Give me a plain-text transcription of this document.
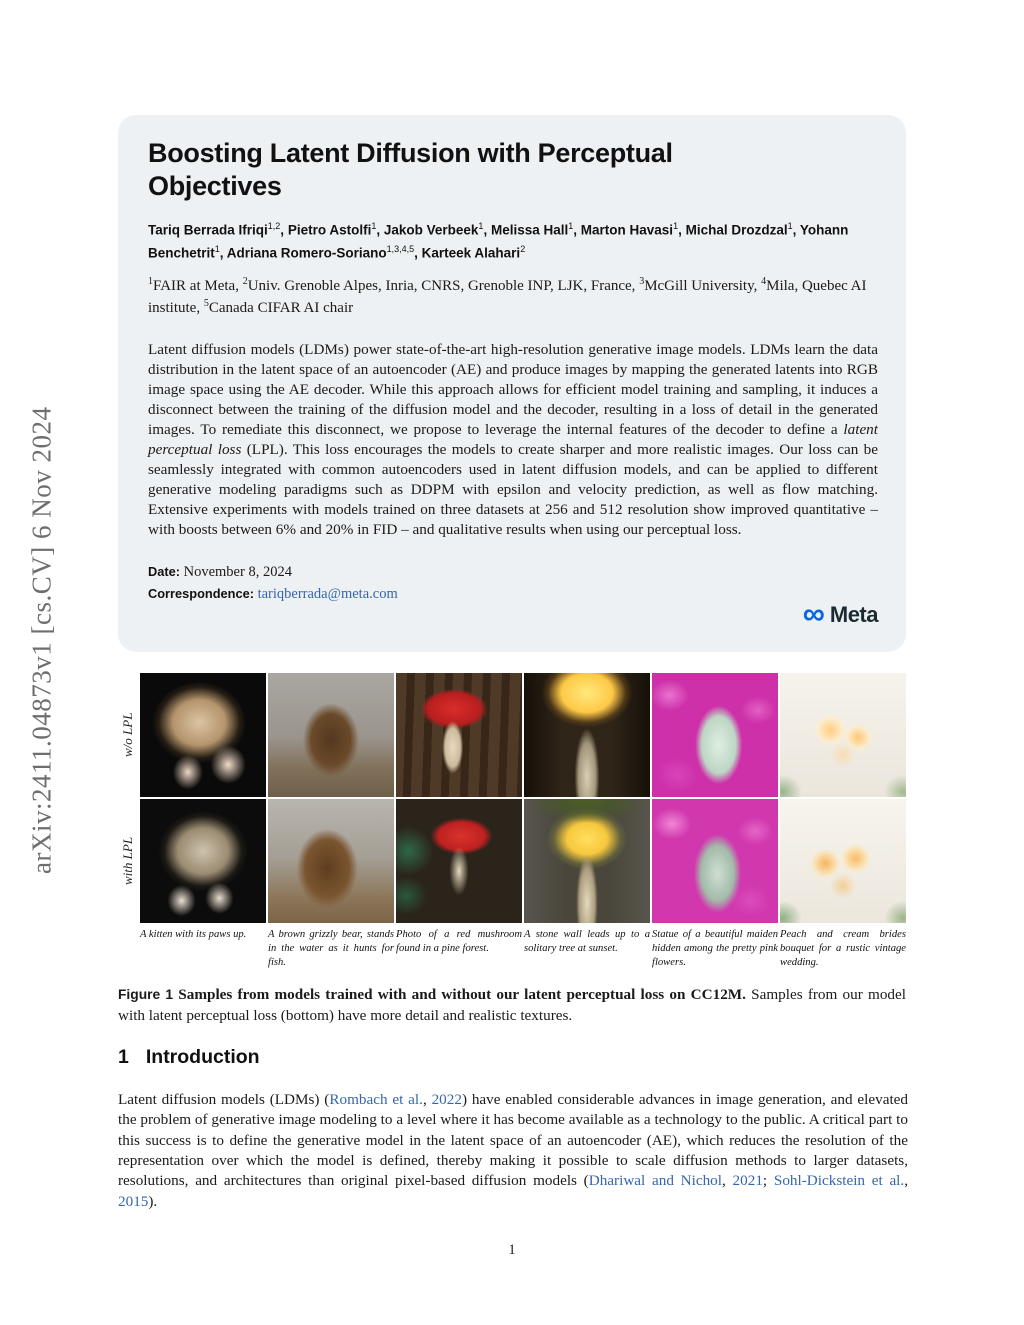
arXiv:2411.04873v1 [cs.CV] 6 Nov 2024
Boosting Latent Diffusion with Perceptual Objectives
Tariq Berrada Ifriqi$^{1,2}$, Pietro Astolfi$^1$, Jakob Verbeek$^1$, Melissa Hall$^1$, Marton Havasi$^1$, Michal Drozdzal$^1$, Yohann Benchetrit$^1$, Adriana Romero-Soriano$^{1,3,4,5}$, Karteek Alahari$^2$
$^1$FAIR at Meta, $^2$Univ. Grenoble Alpes, Inria, CNRS, Grenoble INP, LJK, France, $^3$McGill University, $^4$Mila, Quebec AI institute, $^5$Canada CIFAR AI chair
Latent diffusion models (LDMs) power state-of-the-art high-resolution generative image models. LDMs learn the data distribution in the latent space of an autoencoder (AE) and produce images by mapping the generated latents into RGB image space using the AE decoder. While this approach allows for efficient model training and sampling, it induces a disconnect between the training of the diffusion model and the decoder, resulting in a loss of detail in the generated images. To remediate this disconnect, we propose to leverage the internal features of the decoder to define a latent perceptual loss (LPL). This loss encourages the models to create sharper and more realistic images. Our loss can be seamlessly integrated with common autoencoders used in latent diffusion models, and can be applied to different generative modeling paradigms such as DDPM with epsilon and velocity prediction, as well as flow matching. Extensive experiments with models trained on three datasets at 256 and 512 resolution show improved quantitative – with boosts between 6% and 20% in FID – and qualitative results when using our perceptual loss.
Date: November 8, 2024
Correspondence: tariqberrada@meta.com
∞ Meta
w/o LPL
with LPL
A kitten with its paws up.	A brown grizzly bear, stands in the water as it hunts for fish.
Photo of a red mushroom found in a pine forest.
A stone wall leads up to a solitary tree at sunset.
Statue of a beautiful maiden hidden among the pretty pink flowers.
Peach and cream brides bouquet for a rustic vintage wedding.
Figure 1 Samples from models trained with and without our latent perceptual loss on CC12M. Samples from our model with latent perceptual loss (bottom) have more detail and realistic textures.
1 Introduction
Latent diffusion models (LDMs) (Rombach et al., 2022) have enabled considerable advances in image generation, and elevated the problem of generative image modeling to a level where it has become available as a technology to the public. A critical part to this success is to define the generative model in the latent space of an autoencoder (AE), which reduces the resolution of the representation over which the model is defined, thereby making it possible to scale diffusion methods to larger datasets, resolutions, and architectures than original pixel-based diffusion models (Dhariwal and Nichol, 2021; Sohl-Dickstein et al., 2015).
1
